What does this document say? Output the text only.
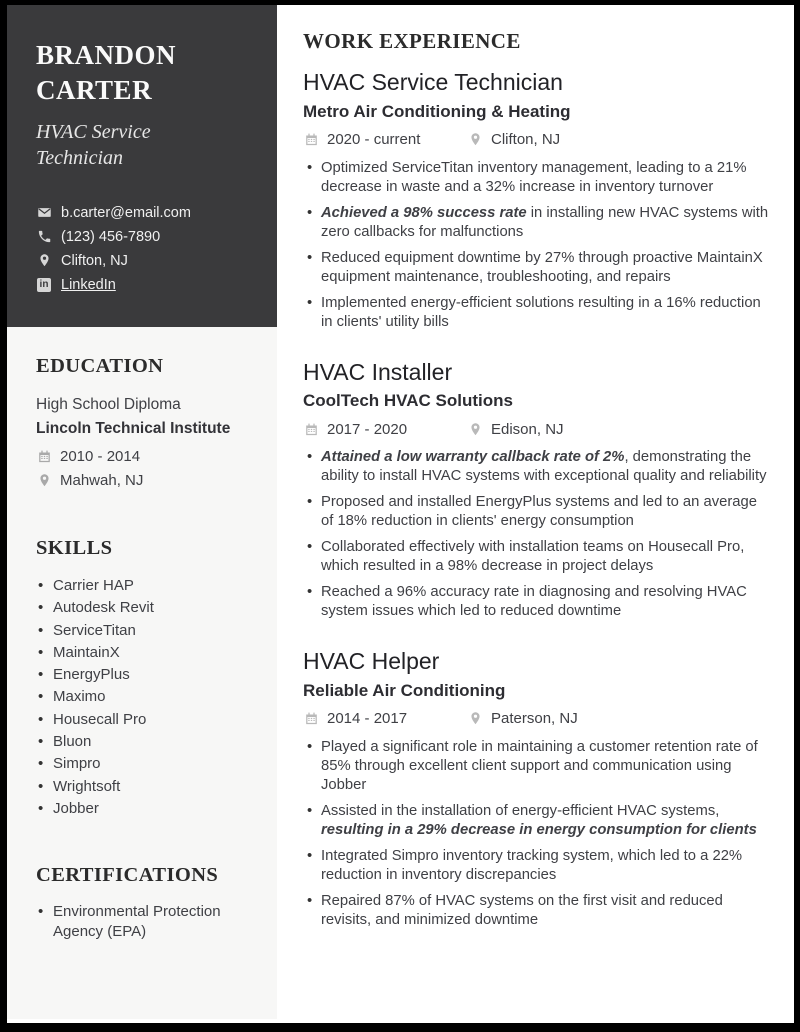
BRANDON
CARTER

HVAC Service Technician

b.carter@email.com
(123) 456-7890
Clifton, NJ
in LinkedIn
EDUCATION

High School Diploma

Lincoln Technical Institute

2010 - 2014
Mahwah, NJ
SKILLS
• Carrier HAP
• Autodesk Revit
• ServiceTitan
• MaintainX
• EnergyPlus
• Maximo
• Housecall Pro
• Bluon
• Simpro
• Wrightsoft
• Jobber
CERTIFICATIONS
• Environmental Protection Agency (EPA)
WORK EXPERIENCE
HVAC Service Technician

Metro Air Conditioning & Heating

2020 - current	Clifton, NJ
• Optimized ServiceTitan inventory management, leading to a 21% decrease in waste and a 32% increase in inventory turnover
• Achieved a 98% success rate in installing new HVAC systems with zero callbacks for malfunctions
• Reduced equipment downtime by 27% through proactive MaintainX equipment maintenance, troubleshooting, and repairs
• Implemented energy-efficient solutions resulting in a 16% reduction in clients' utility bills
HVAC Installer

CoolTech HVAC Solutions

2017 - 2020	Edison, NJ
• Attained a low warranty callback rate of 2%, demonstrating the ability to install HVAC systems with exceptional quality and reliability
• Proposed and installed EnergyPlus systems and led to an average of 18% reduction in clients' energy consumption
• Collaborated effectively with installation teams on Housecall Pro, which resulted in a 98% decrease in project delays
• Reached a 96% accuracy rate in diagnosing and resolving HVAC system issues which led to reduced downtime
HVAC Helper

Reliable Air Conditioning

2014 - 2017	Paterson, NJ
• Played a significant role in maintaining a customer retention rate of 85% through excellent client support and communication using Jobber
• Assisted in the installation of energy-efficient HVAC systems, resulting in a 29% decrease in energy consumption for clients
• Integrated Simpro inventory tracking system, which led to a 22% reduction in inventory discrepancies
• Repaired 87% of HVAC systems on the first visit and reduced revisits, and minimized downtime
